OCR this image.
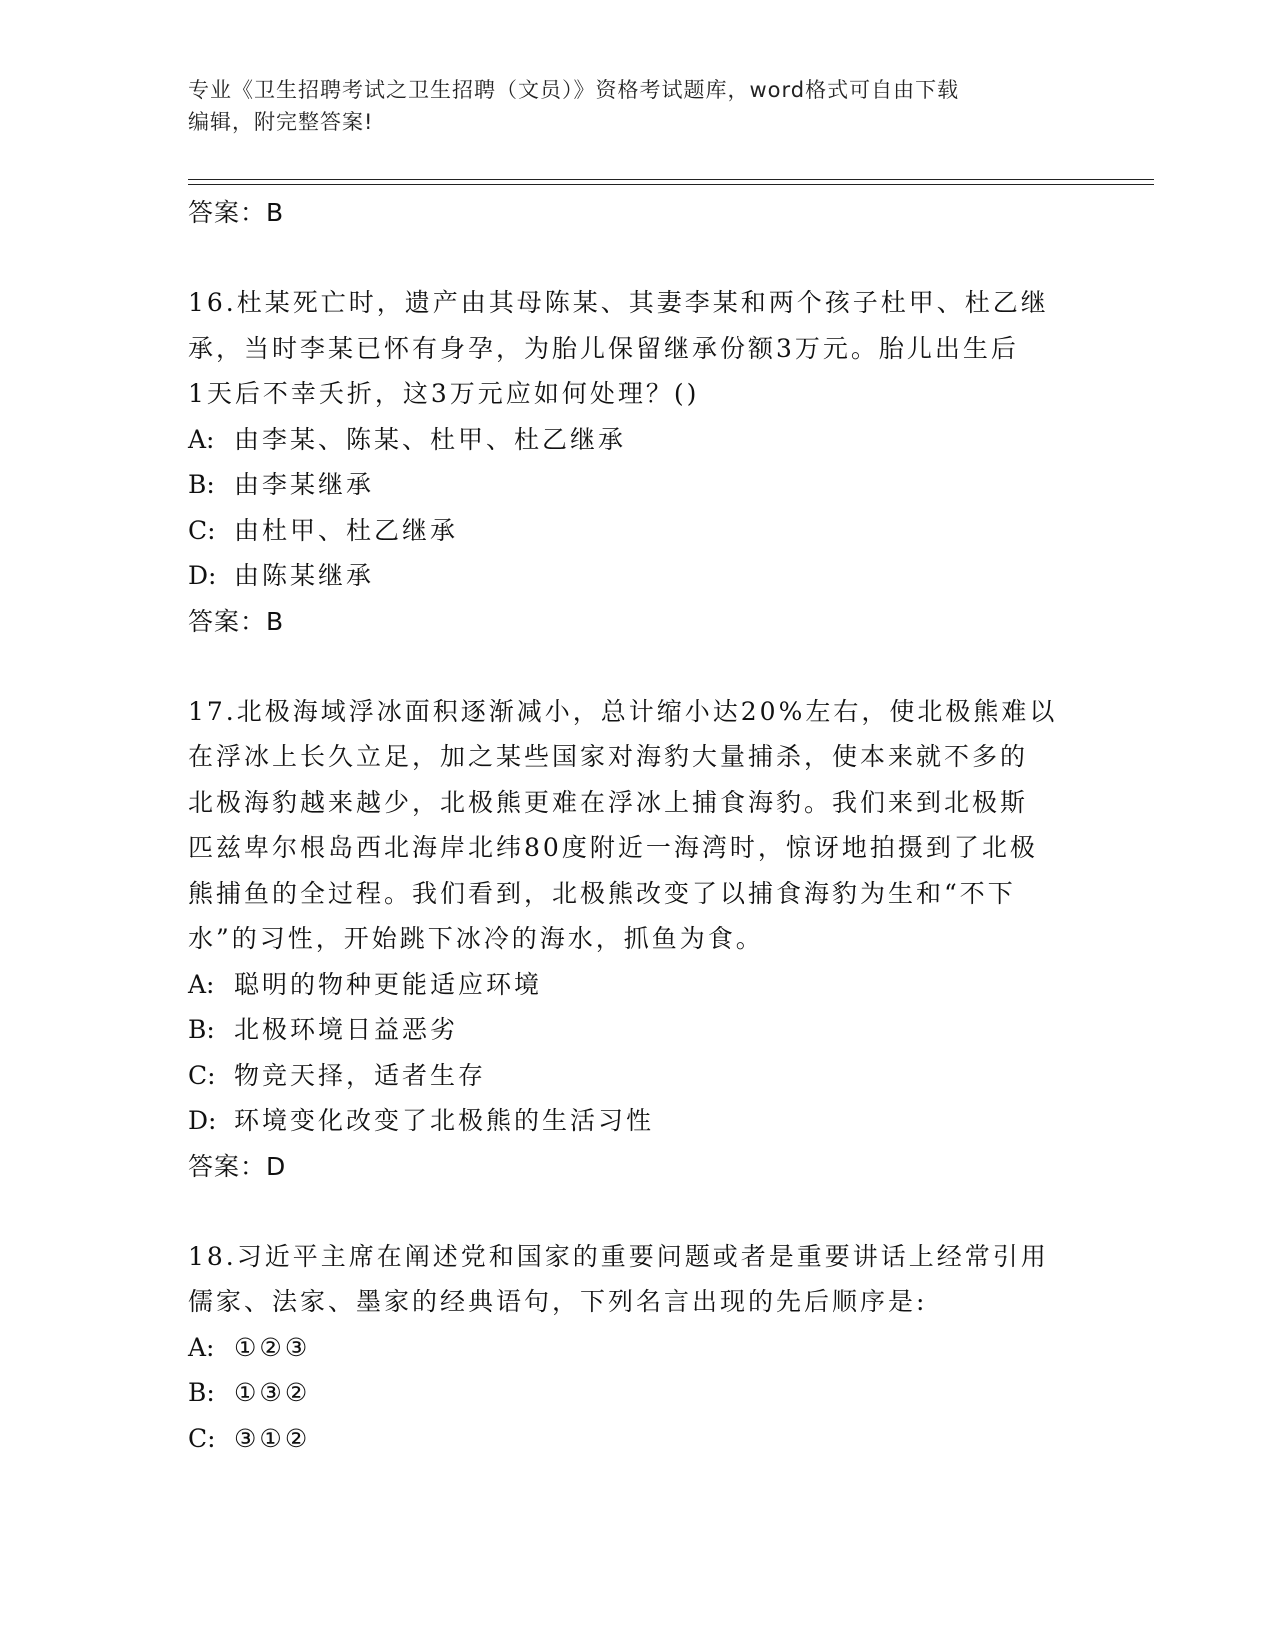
专业《卫生招聘考试之卫生招聘（文员）》资格考试题库，word格式可自由下载
编辑，附完整答案!
答案：B
16.杜某死亡时，遗产由其母陈某、其妻李某和两个孩子杜甲、杜乙继
承，当时李某已怀有身孕，为胎儿保留继承份额3万元。胎儿出生后
1天后不幸夭折，这3万元应如何处理？()
A: 由李某、陈某、杜甲、杜乙继承
B: 由李某继承
C: 由杜甲、杜乙继承
D: 由陈某继承
答案：B
17.北极海域浮冰面积逐渐减小，总计缩小达20%左右，使北极熊难以
在浮冰上长久立足，加之某些国家对海豹大量捕杀，使本来就不多的
北极海豹越来越少，北极熊更难在浮冰上捕食海豹。我们来到北极斯
匹兹卑尔根岛西北海岸北纬80度附近一海湾时，惊讶地拍摄到了北极
熊捕鱼的全过程。我们看到，北极熊改变了以捕食海豹为生和“不下
水”的习性，开始跳下冰冷的海水，抓鱼为食。
A: 聪明的物种更能适应环境
B: 北极环境日益恶劣
C: 物竞天择，适者生存
D: 环境变化改变了北极熊的生活习性
答案：D
18.习近平主席在阐述党和国家的重要问题或者是重要讲话上经常引用
儒家、法家、墨家的经典语句，下列名言出现的先后顺序是:
A: ①②③
B: ①③②
C: ③①②
